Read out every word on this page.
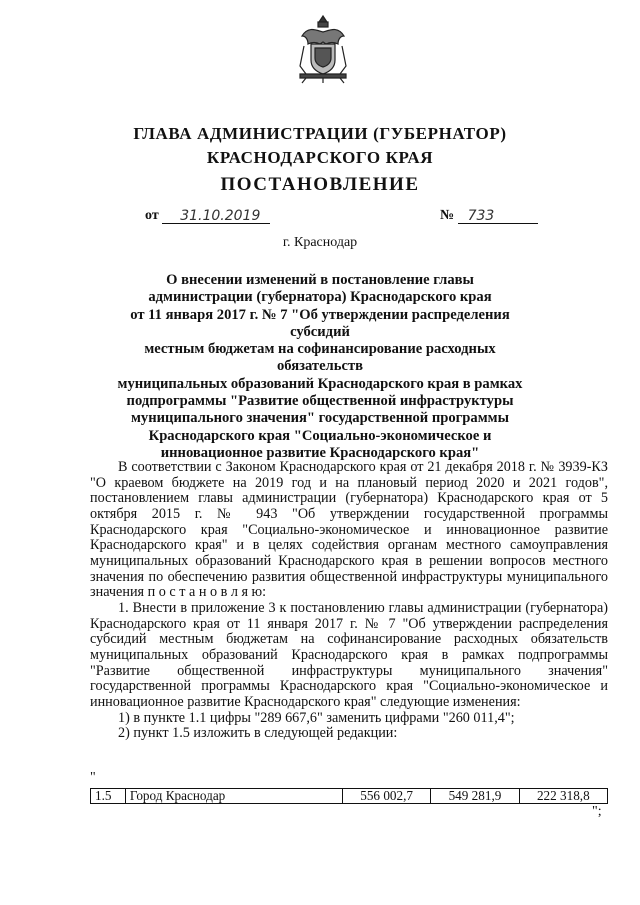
ГЛАВА АДМИНИСТРАЦИИ (ГУБЕРНАТОР)
КРАСНОДАРСКОГО КРАЯ
ПОСТАНОВЛЕНИЕ
от 31.10.2019	№ 733
г. Краснодар
О внесении изменений в постановление главы
администрации (губернатора) Краснодарского края
от 11 января 2017 г. № 7 "Об утверждении распределения субсидий
местным бюджетам на софинансирование расходных обязательств
муниципальных образований Краснодарского края в рамках
подпрограммы "Развитие общественной инфраструктуры
муниципального значения" государственной программы
Краснодарского края "Социально-экономическое и
инновационное развитие Краснодарского края"

В соответствии с Законом Краснодарского края от 21 декабря 2018 г. № 3939-КЗ "О краевом бюджете на 2019 год и на плановый период 2020 и 2021 годов", постановлением главы администрации (губернатора) Краснодарского края от 5 октября 2015 г. № 943 "Об утверждении государственной программы Краснодарского края "Социально-экономическое и инновационное развитие Краснодарского края" и в целях содействия органам местного самоуправления муниципальных образований Краснодарского края в решении вопросов местного значения по обеспечению развития общественной инфраструктуры муниципального значения п о с т а н о в л я ю:

1. Внести в приложение 3 к постановлению главы администрации (губернатора) Краснодарского края от 11 января 2017 г. № 7 "Об утверждении распределения субсидий местным бюджетам на софинансирование расходных обязательств муниципальных образований Краснодарского края в рамках подпрограммы "Развитие общественной инфраструктуры муниципального значения" государственной программы Краснодарского края "Социально-экономическое и инновационное развитие Краснодарского края" следующие изменения:

1) в пункте 1.1 цифры "289 667,6" заменить цифрами "260 011,4";

2) пункт 1.5 изложить в следующей редакции:

"
1.5	Город Краснодар	556 002,7	549 281,9	222 318,8
";
